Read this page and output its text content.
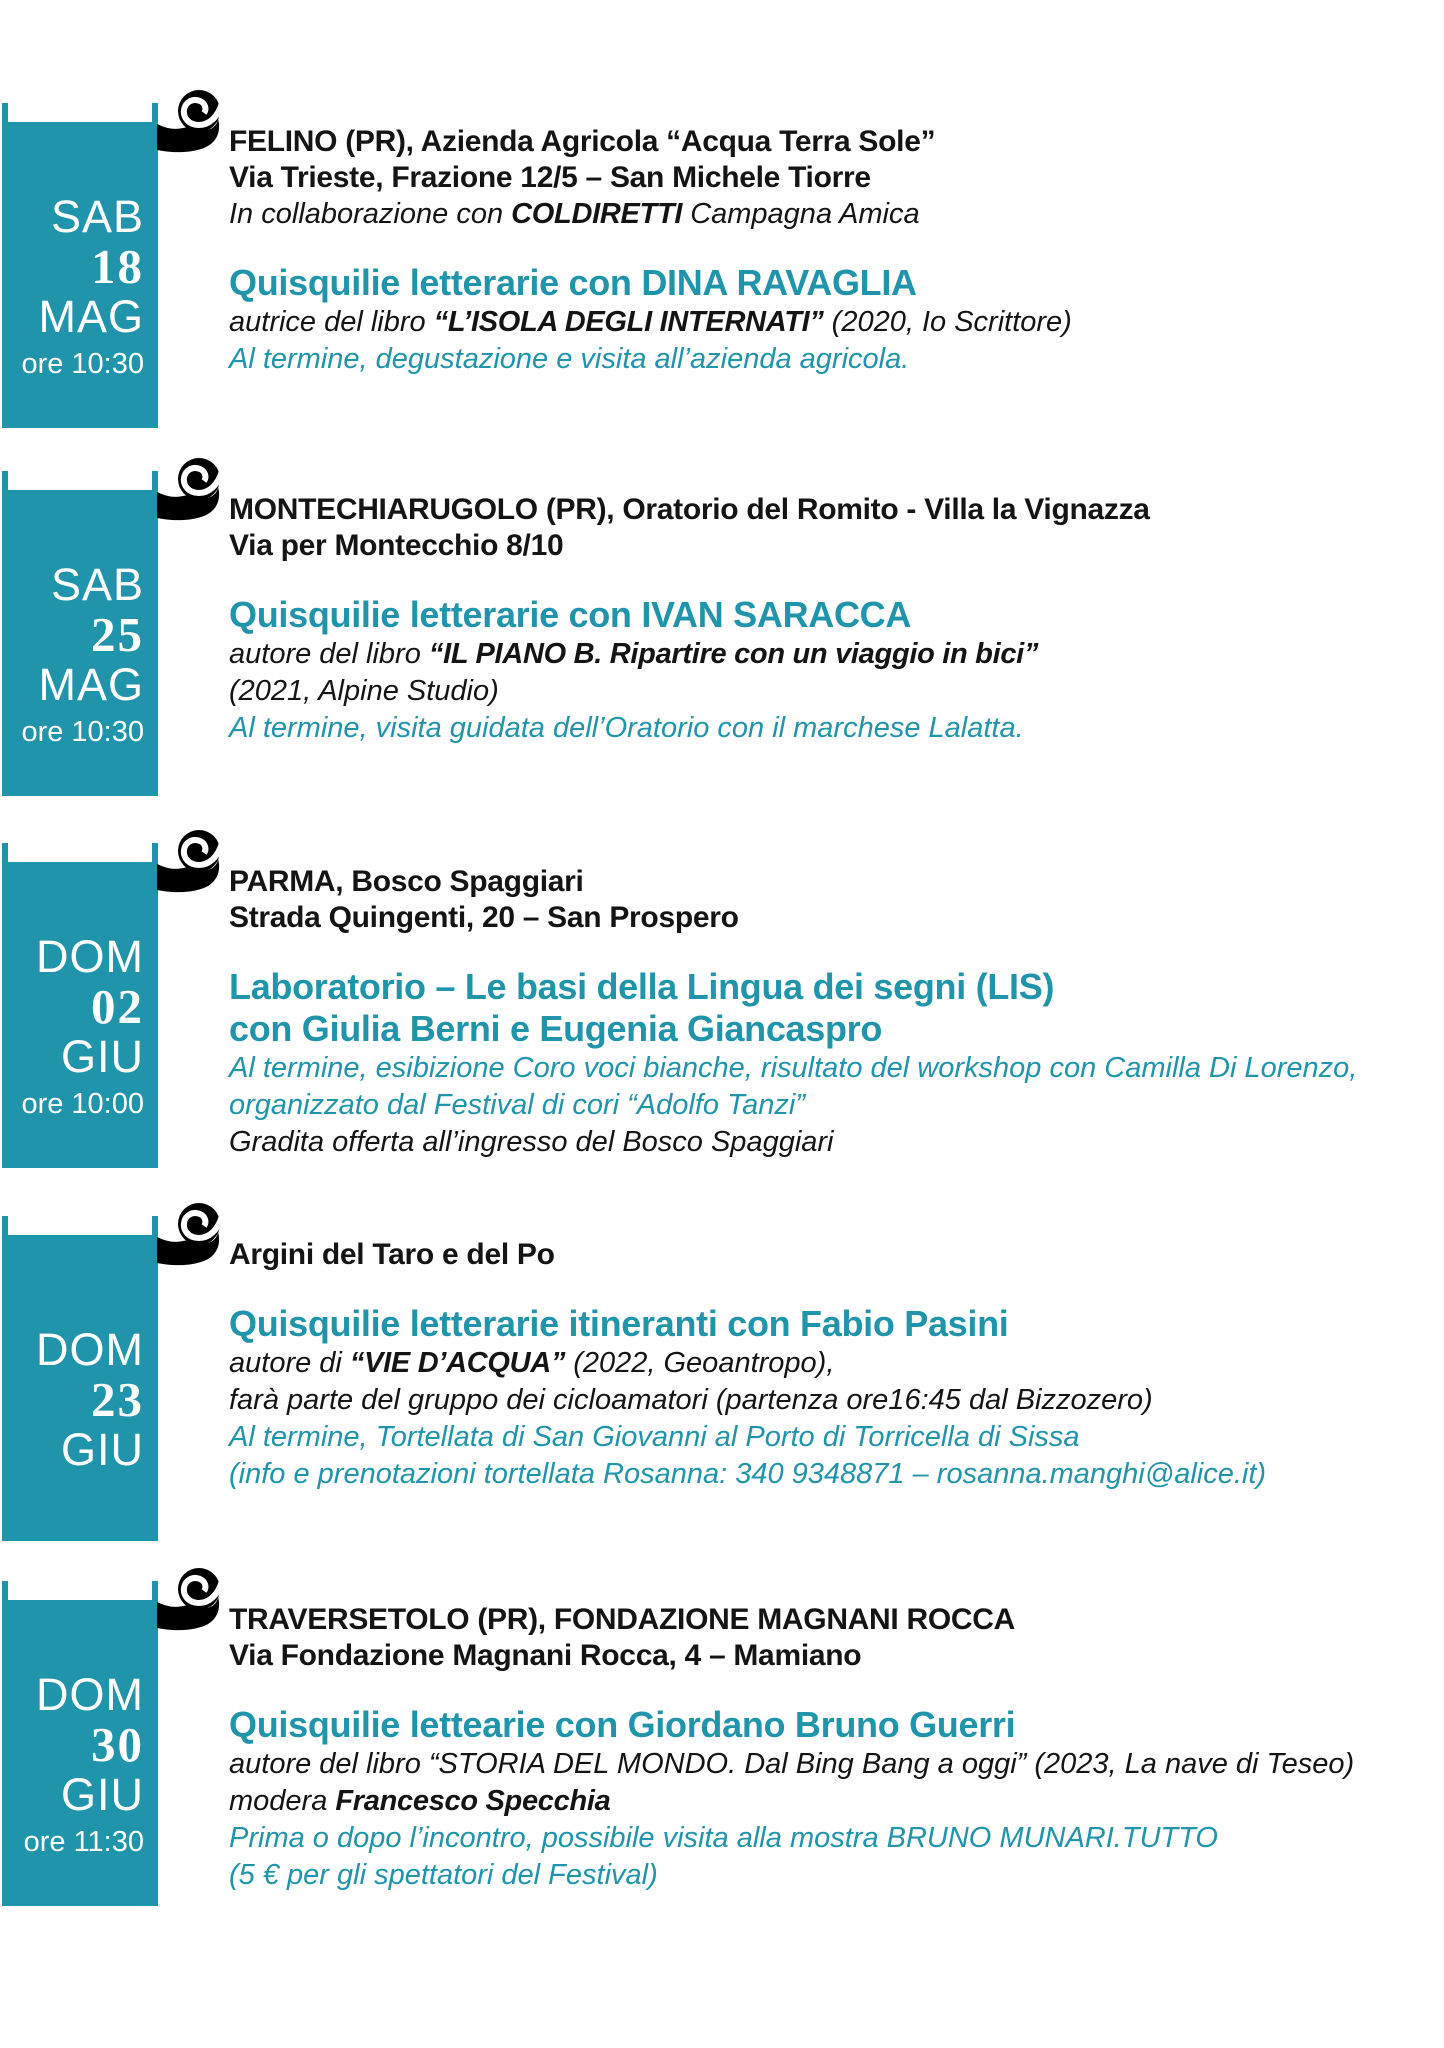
SAB
18
MAG
ore 10:30
FELINO (PR), Azienda Agricola “Acqua Terra Sole”
Via Trieste, Frazione 12/5 – San Michele Tiorre
In collaborazione con COLDIRETTI Campagna Amica
Quisquilie letterarie con DINA RAVAGLIA
autrice del libro “L’ISOLA DEGLI INTERNATI” (2020, Io Scrittore)
Al termine, degustazione e visita all’azienda agricola.
SAB
25
MAG
ore 10:30
MONTECHIARUGOLO (PR), Oratorio del Romito - Villa la Vignazza
Via per Montecchio 8/10
Quisquilie letterarie con IVAN SARACCA
autore del libro “IL PIANO B. Ripartire con un viaggio in bici”
(2021, Alpine Studio)
Al termine, visita guidata dell’Oratorio con il marchese Lalatta.
DOM
02
GIU
ore 10:00
PARMA, Bosco Spaggiari
Strada Quingenti, 20 – San Prospero
Laboratorio – Le basi della Lingua dei segni (LIS)
con Giulia Berni e Eugenia Giancaspro
Al termine, esibizione Coro voci bianche, risultato del workshop con Camilla Di Lorenzo,
organizzato dal Festival di cori “Adolfo Tanzi”
Gradita offerta all’ingresso del Bosco Spaggiari
DOM
23
GIU
Argini del Taro e del Po
Quisquilie letterarie itineranti con Fabio Pasini
autore di “VIE D’ACQUA” (2022, Geoantropo),
farà parte del gruppo dei cicloamatori (partenza ore16:45 dal Bizzozero)
Al termine, Tortellata di San Giovanni al Porto di Torricella di Sissa
(info e prenotazioni tortellata Rosanna: 340 9348871 – rosanna.manghi@alice.it)
DOM
30
GIU
ore 11:30
TRAVERSETOLO (PR), FONDAZIONE MAGNANI ROCCA
Via Fondazione Magnani Rocca, 4 – Mamiano
Quisquilie lettearie con Giordano Bruno Guerri
autore del libro “STORIA DEL MONDO. Dal Bing Bang a oggi” (2023, La nave di Teseo)
modera Francesco Specchia
Prima o dopo l’incontro, possibile visita alla mostra BRUNO MUNARI.TUTTO
(5 € per gli spettatori del Festival)
